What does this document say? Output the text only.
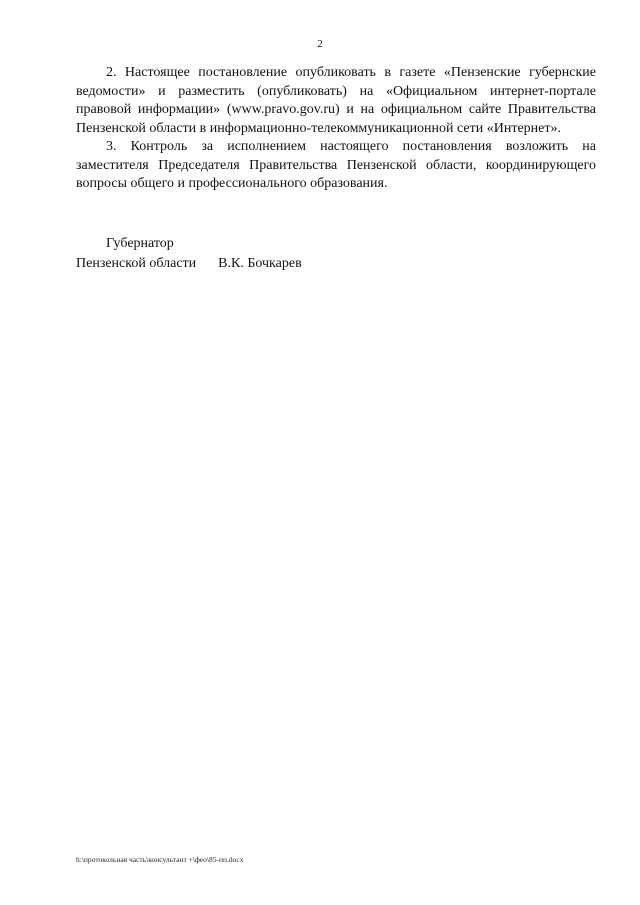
2

2. Настоящее постановление опубликовать в газете «Пензенские губернские ведомости» и разместить (опубликовать) на «Официальном интернет-портале правовой информации» (www.pravo.gov.ru) и на официальном сайте Правительства Пензенской области в информационно-телекоммуникационной сети «Интернет».

3. Контроль за исполнением настоящего постановления возложить на заместителя Председателя Правительства Пензенской области, координирующего вопросы общего и профессионального образования.

Губернатор
Пензенской области В.К. Бочкарев
h:\протокольная часть\консультант +\фео\85-пп.docx
